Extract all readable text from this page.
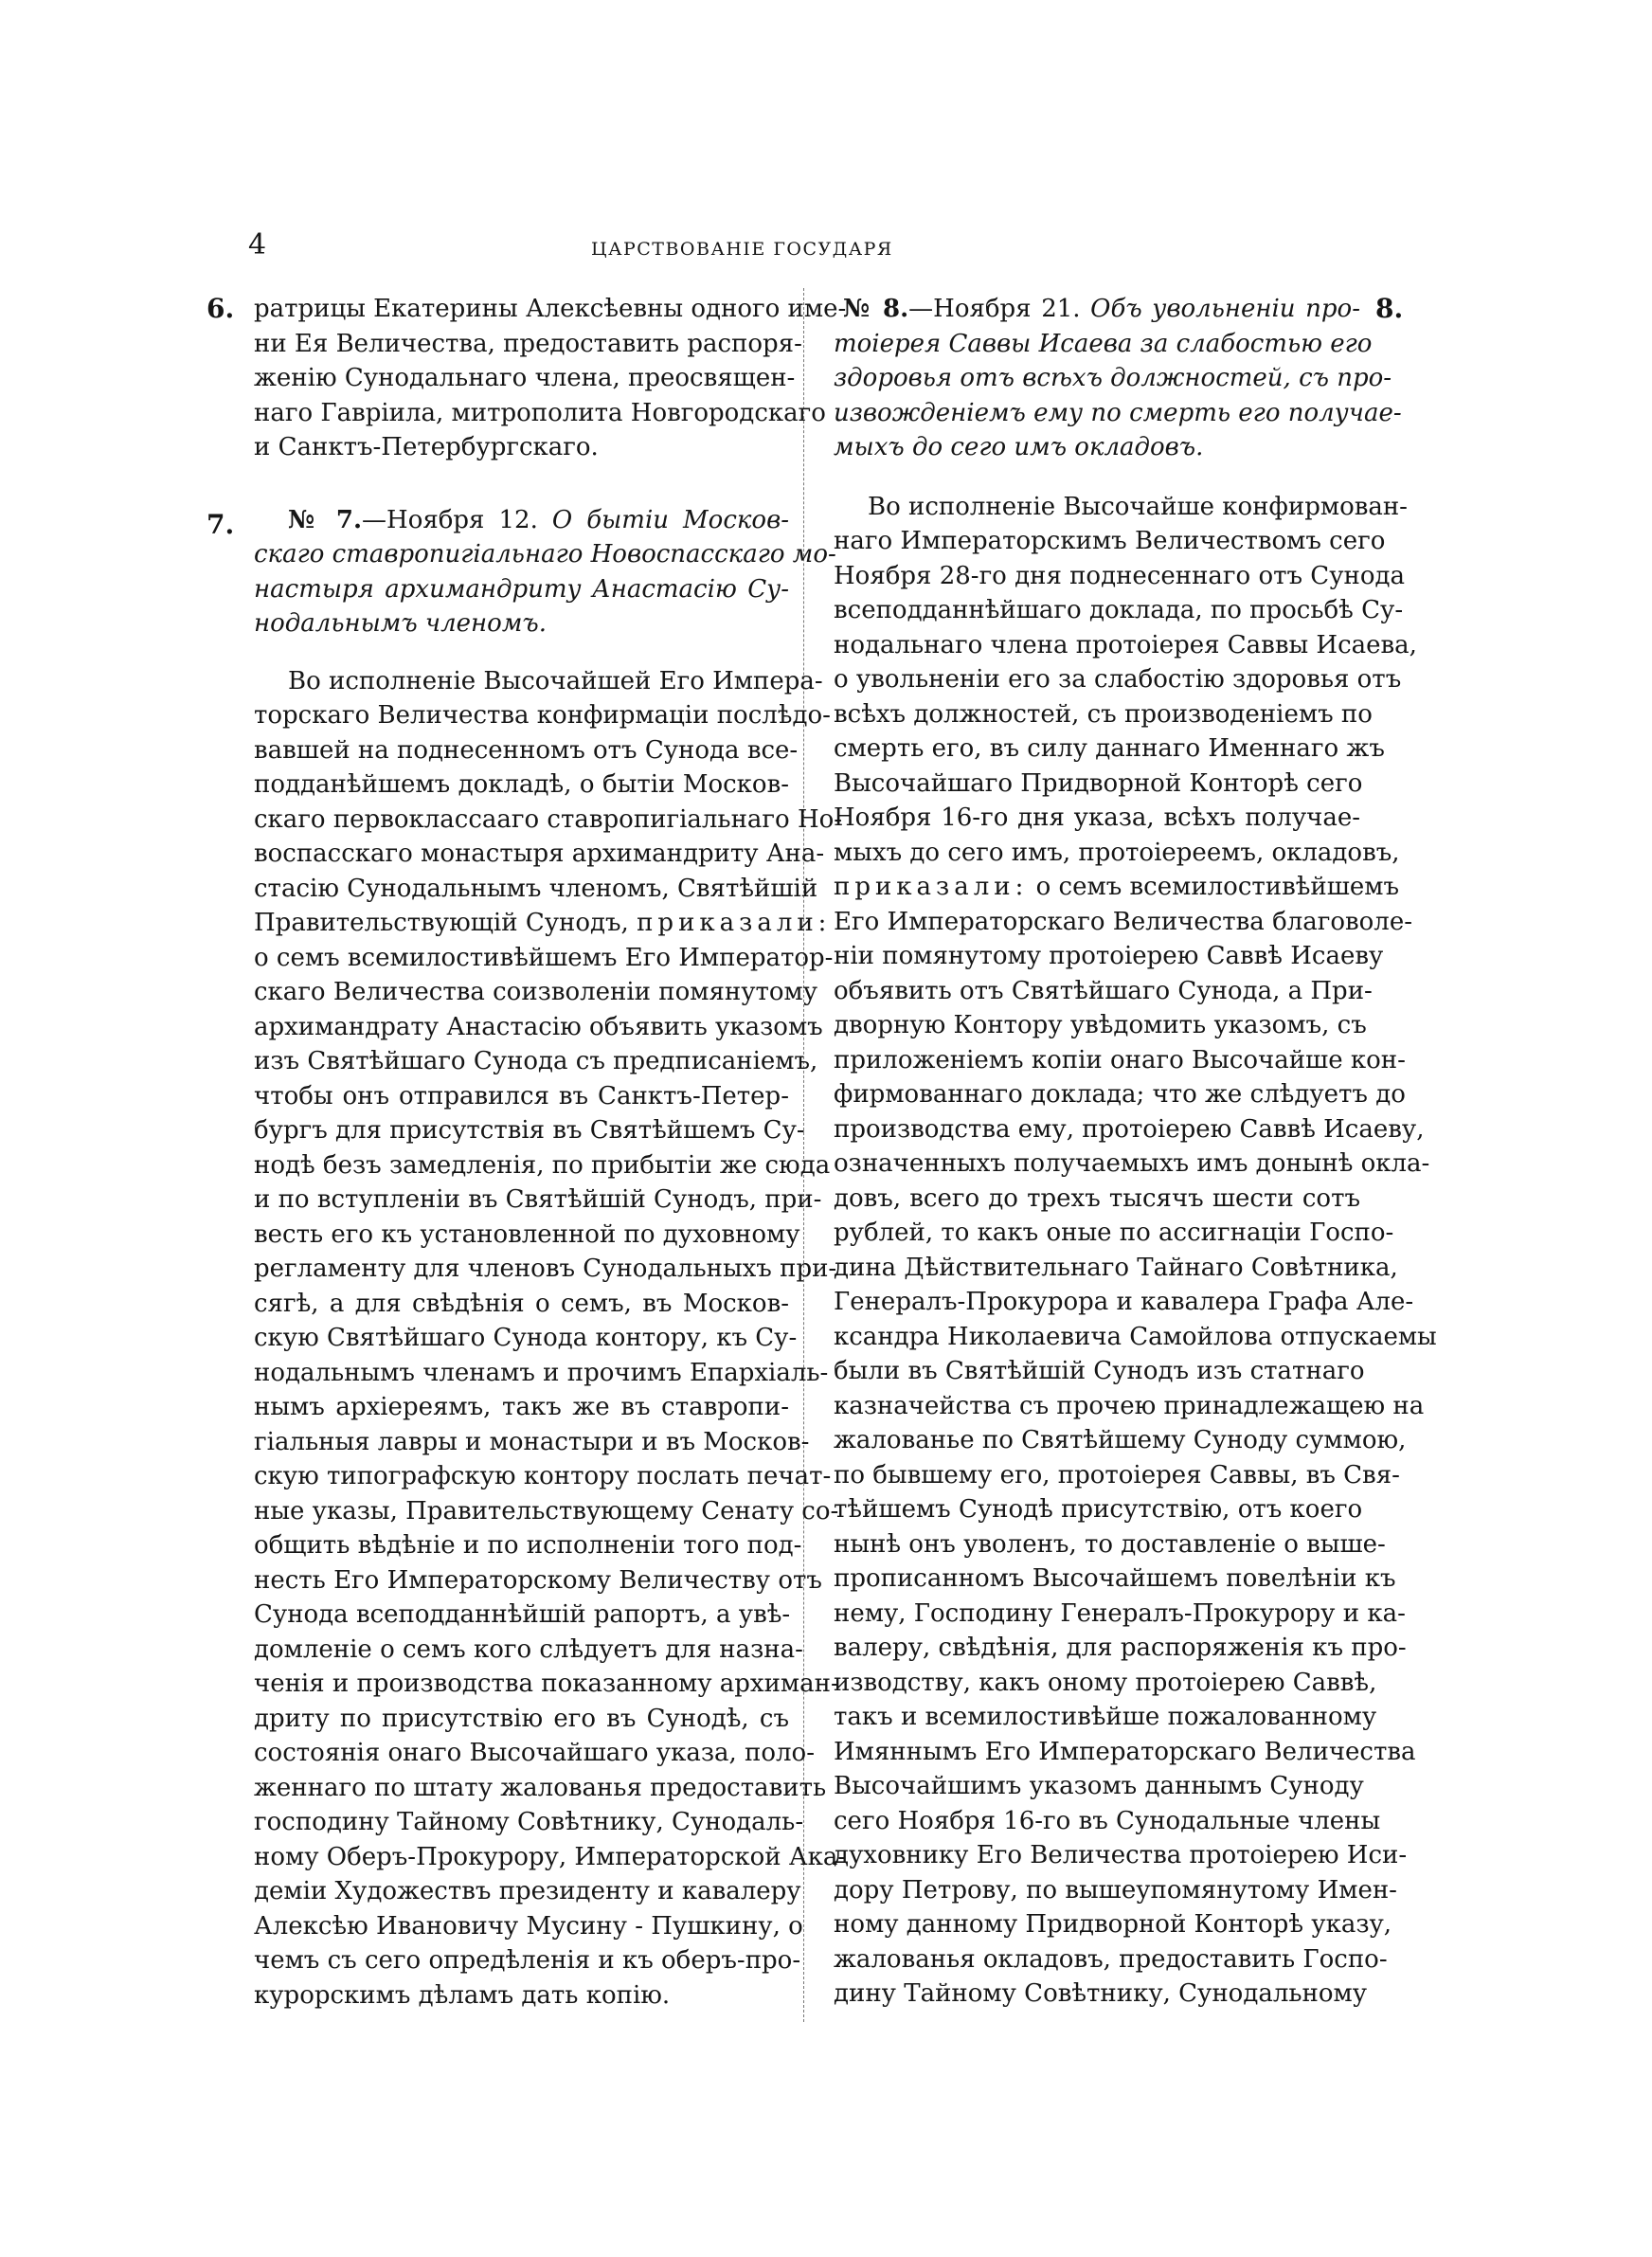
4	ЦАРСТВОВАНІЕ ГОСУДАРЯ
6.
7.
8.

ратрицы Екатерины Алексѣевны одного име-
ни Ея Величества, предоставить распоря-
женію Сунодальнаго члена, преосвящен-
наго Гавріила, митрополита Новгородскаго
и Санктъ-Петербургскаго.

№ 7.—Ноября 12. О бытіи Москов-
скаго ставропигіальнаго Новоспасскаго мо-
настыря архимандриту Анастасію Су-
нодальнымъ членомъ.

Во исполненіе Высочайшей Его Импера-
торскаго Величества конфирмаціи послѣдо-
вавшей на поднесенномъ отъ Сунода все-
подданѣйшемъ докладѣ, о бытіи Москов-
скаго первоклассааго ставропигіальнаго Но-
воспасскаго монастыря архимандриту Ана-
стасію Сунодальнымъ членомъ, Святѣйшій
Правительствующій Сунодъ, приказали:
о семъ всемилостивѣйшемъ Его Император-
скаго Величества соизволеніи помянутому
архимандрату Анастасію объявить указомъ
изъ Святѣйшаго Сунода съ предписаніемъ,
чтобы онъ отправился въ Санктъ-Петер-
бургъ для присутствія въ Святѣйшемъ Су-
нодѣ безъ замедленія, по прибытіи же сюда
и по вступленіи въ Святѣйшій Сунодъ, при-
весть его къ установленной по духовному
регламенту для членовъ Сунодальныхъ при-
сягѣ, а для свѣдѣнія о семъ, въ Москов-
скую Святѣйшаго Сунода контору, къ Су-
нодальнымъ членамъ и прочимъ Епархіаль-
нымъ архіереямъ, такъ же въ ставропи-
гіальныя лавры и монастыри и въ Москов-
скую типографскую контору послать печат-
ные указы, Правительствующему Сенату со-
общить вѣдѣніе и по исполненіи того под-
несть Его Императорскому Величеству отъ
Сунода всеподданнѣйшій рапортъ, а увѣ-
домленіе о семъ кого слѣдуетъ для назна-
ченія и производства показанному архиман-
дриту по присутствію его въ Сунодѣ, съ
состоянія онаго Высочайшаго указа, поло-
женнаго по штату жалованья предоставить
господину Тайному Совѣтнику, Сунодаль-
ному Оберъ-Прокурору, Императорской Ака-
деміи Художествъ президенту и кавалеру
Алексѣю Ивановичу Мусину - Пушкину, о
чемъ съ сего опредѣленія и къ оберъ-про-
курорскимъ дѣламъ дать копію.

№ 8.—Ноября 21. Объ увольненіи про-
тоіерея Саввы Исаева за слабостью его
здоровья отъ всѣхъ должностей, съ про-
извожденіемъ ему по смерть его получае-
мыхъ до сего имъ окладовъ.

Во исполненіе Высочайше конфирмован-
наго Императорскимъ Величествомъ сего
Ноября 28-го дня поднесеннаго отъ Сунода
всеподданнѣйшаго доклада, по просьбѣ Су-
нодальнаго члена протоіерея Саввы Исаева,
о увольненіи его за слабостію здоровья отъ
всѣхъ должностей, съ производеніемъ по
смерть его, въ силу даннаго Именнаго жъ
Высочайшаго Придворной Конторѣ сего
Ноября 16-го дня указа, всѣхъ получае-
мыхъ до сего имъ, протоіереемъ, окладовъ,
приказали: о семъ всемилостивѣйшемъ
Его Императорскаго Величества благоволе-
ніи помянутому протоіерею Саввѣ Исаеву
объявить отъ Святѣйшаго Сунода, а При-
дворную Контору увѣдомить указомъ, съ
приложеніемъ копіи онаго Высочайше кон-
фирмованнаго доклада; что же слѣдуетъ до
производства ему, протоіерею Саввѣ Исаеву,
означенныхъ получаемыхъ имъ донынѣ окла-
довъ, всего до трехъ тысячъ шести сотъ
рублей, то какъ оные по ассигнаціи Госпо-
дина Дѣйствительнаго Тайнаго Совѣтника,
Генералъ-Прокурора и кавалера Графа Але-
ксандра Николаевича Самойлова отпускаемы
были въ Святѣйшій Сунодъ изъ статнаго
казначейства съ прочею принадлежащею на
жалованье по Святѣйшему Суноду суммою,
по бывшему его, протоіерея Саввы, въ Свя-
тѣйшемъ Сунодѣ присутствію, отъ коего
нынѣ онъ уволенъ, то доставленіе о выше-
прописанномъ Высочайшемъ повелѣніи къ
нему, Господину Генералъ-Прокурору и ка-
валеру, свѣдѣнія, для распоряженія къ про-
изводству, какъ оному протоіерею Саввѣ,
такъ и всемилостивѣйше пожалованному
Имяннымъ Его Императорскаго Величества
Высочайшимъ указомъ даннымъ Суноду
сего Ноября 16-го въ Сунодальные члены
духовнику Его Величества протоіерею Иси-
дору Петрову, по вышеупомянутому Имен-
ному данному Придворной Конторѣ указу,
жалованья окладовъ, предоставить Госпо-
дину Тайному Совѣтнику, Сунодальному
